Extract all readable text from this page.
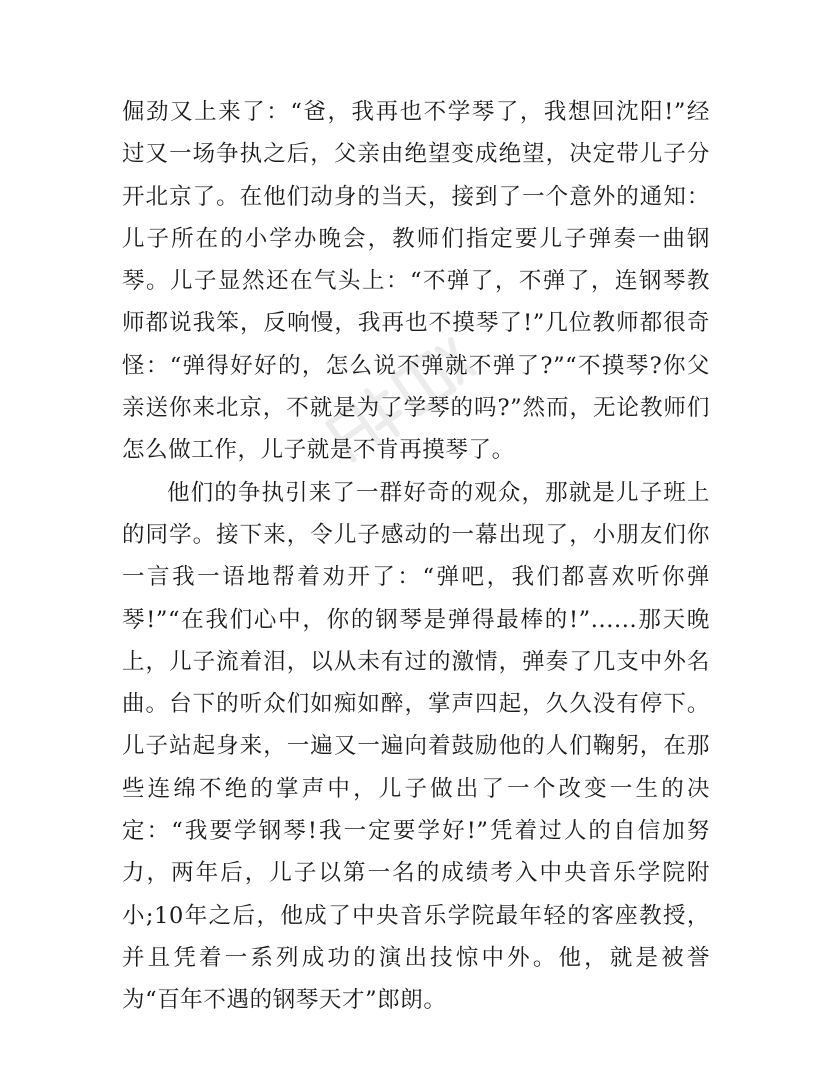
倔劲又上来了：“爸，我再也不学琴了，我想回沈阳!”经过又一场争执之后，父亲由绝望变成绝望，决定带儿子分开北京了。在他们动身的当天，接到了一个意外的通知：儿子所在的小学办晚会，教师们指定要儿子弹奏一曲钢琴。儿子显然还在气头上：“不弹了，不弹了，连钢琴教师都说我笨，反响慢，我再也不摸琴了!”几位教师都很奇怪：“弹得好好的，怎么说不弹就不弹了?”“不摸琴?你父亲送你来北京，不就是为了学琴的吗?”然而，无论教师们怎么做工作，儿子就是不肯再摸琴了。

他们的争执引来了一群好奇的观众，那就是儿子班上的同学。接下来，令儿子感动的一幕出现了，小朋友们你一言我一语地帮着劝开了：“弹吧，我们都喜欢听你弹琴!”“在我们心中，你的钢琴是弹得最棒的!”......那天晚上，儿子流着泪，以从未有过的激情，弹奏了几支中外名曲。台下的听众们如痴如醉，掌声四起，久久没有停下。儿子站起身来，一遍又一遍向着鼓励他的人们鞠躬，在那些连绵不绝的掌声中，儿子做出了一个改变一生的决定：“我要学钢琴!我一定要学好!”凭着过人的自信加努力，两年后，儿子以第一名的成绩考入中央音乐学院附小;10年之后，他成了中央音乐学院最年轻的客座教授，并且凭着一系列成功的演出技惊中外。他，就是被誉为“百年不遇的钢琴天才”郎朗。
